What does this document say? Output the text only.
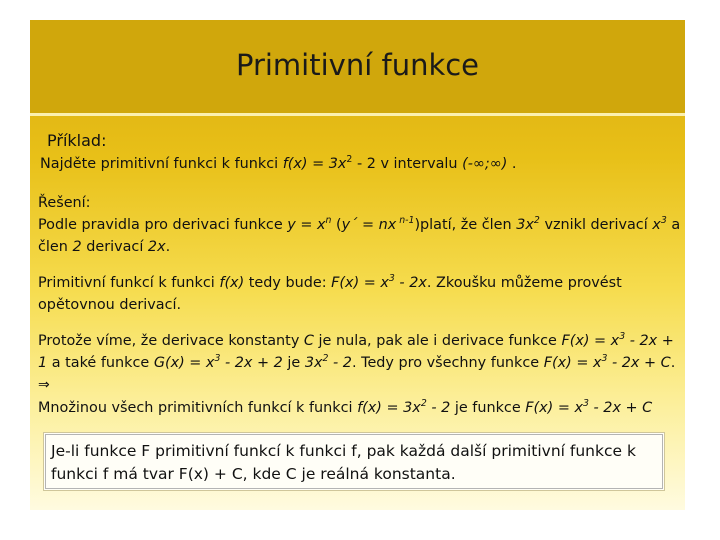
Primitivní funkce

Příklad:

Najděte primitivní funkci k funkci $f(x) = 3x^2 - 2$ v intervalu (-∞;∞) .

Řešení:

Podle pravidla pro derivaci funkce $y = x^n$ (y´ = nx $^{n-1}$)platí, že člen $3x^2$ vznikl derivací $x^3$ a

člen 2 derivací 2x.

Primitivní funkcí k funkci f(x) tedy bude: $F(x) = x^3 - 2x$. Zkoušku můžeme provést

opětovnou derivací.

Protože víme, že derivace konstanty C je nula, pak ale i derivace funkce $F(x) = x^3 - 2x$ +

1 a také funkce $G(x) = x^3 - 2x + 2$ je $3x^2 - 2$. Tedy pro všechny funkce $F(x) = x^3 - 2x + C$.

⇒

Množinou všech primitivních funkcí k funkci $f(x) = 3x^2 - 2$ je funkce $F(x) = x^3 - 2x + C$

Je-li funkce F primitivní funkcí k funkci f, pak každá další primitivní funkce k
funkci f má tvar F(x) + C, kde C je reálná konstanta.
